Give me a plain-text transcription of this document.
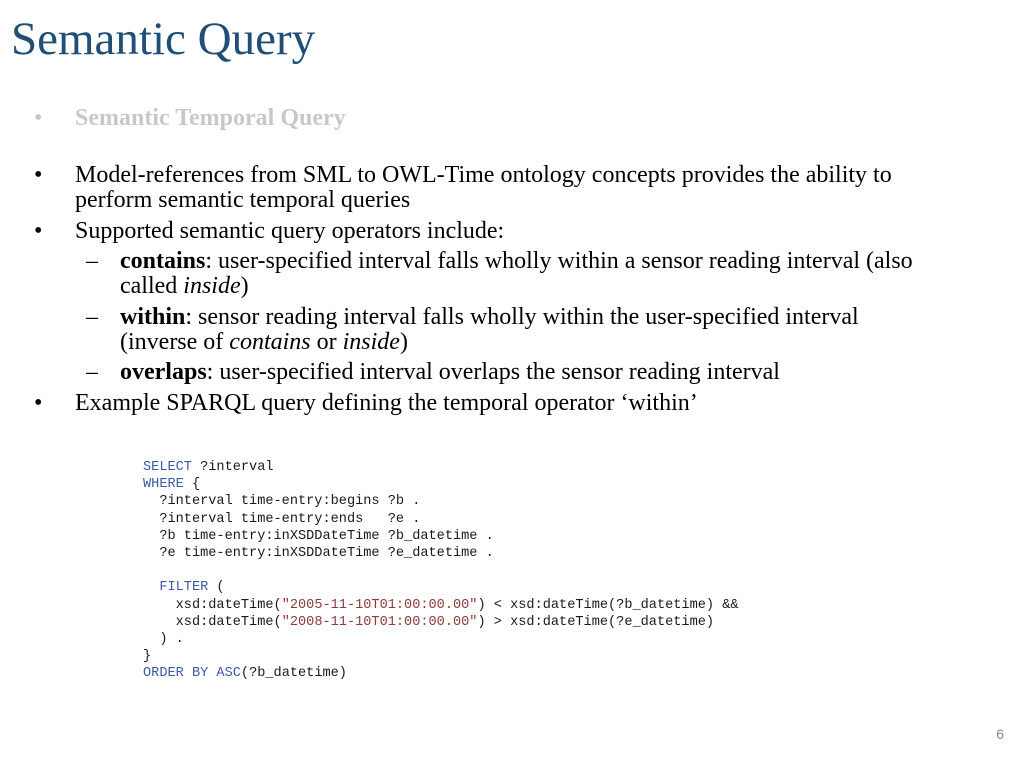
Semantic Query
• Semantic Temporal Query
• Model-references from SML to OWL-Time ontology concepts provides the ability to perform semantic temporal queries
• Supported semantic query operators include:
– contains: user-specified interval falls wholly within a sensor reading interval (also called inside)
– within: sensor reading interval falls wholly within the user-specified interval (inverse of contains or inside)
– overlaps: user-specified interval overlaps the sensor reading interval
• Example SPARQL query defining the temporal operator ‘within’
SELECT ?interval
WHERE {
?interval time-entry:begins ?b .
?interval time-entry:ends   ?e .
?b time-entry:inXSDDateTime ?b_datetime .
?e time-entry:inXSDDateTime ?e_datetime .

FILTER (
xsd:dateTime("2005-11-10T01:00:00.00") < xsd:dateTime(?b_datetime) &&
xsd:dateTime("2008-11-10T01:00:00.00") > xsd:dateTime(?e_datetime)
) .
}
ORDER BY ASC(?b_datetime)
6
